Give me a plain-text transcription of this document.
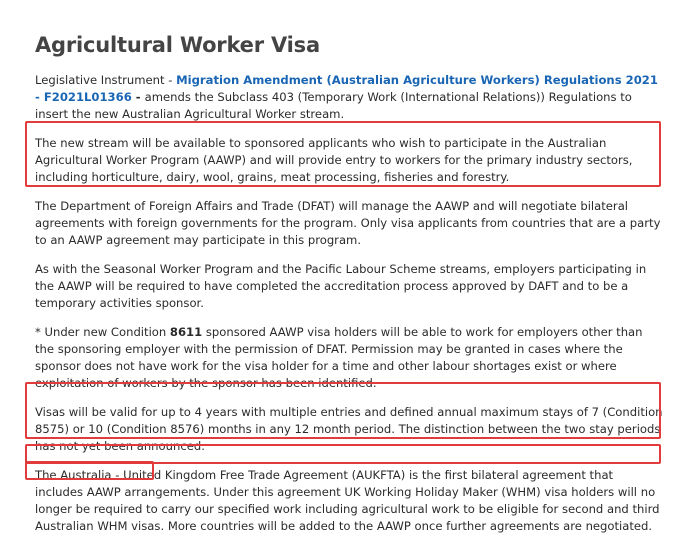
Agricultural Worker Visa

Legislative Instrument - Migration Amendment (Australian Agriculture Workers) Regulations 2021 - F2021L01366 - amends the Subclass 403 (Temporary Work (International Relations)) Regulations to insert the new Australian Agricultural Worker stream.

The new stream will be available to sponsored applicants who wish to participate in the Australian Agricultural Worker Program (AAWP) and will provide entry to workers for the primary industry sectors, including horticulture, dairy, wool, grains, meat processing, fisheries and forestry.

The Department of Foreign Affairs and Trade (DFAT) will manage the AAWP and will negotiate bilateral agreements with foreign governments for the program. Only visa applicants from countries that are a party to an AAWP agreement may participate in this program.

As with the Seasonal Worker Program and the Pacific Labour Scheme streams, employers participating in the AAWP will be required to have completed the accreditation process approved by DAFT and to be a temporary activities sponsor.

* Under new Condition 8611 sponsored AAWP visa holders will be able to work for employers other than the sponsoring employer with the permission of DFAT. Permission may be granted in cases where the sponsor does not have work for the visa holder for a time and other labour shortages exist or where exploitation of workers by the sponsor has been identified.

Visas will be valid for up to 4 years with multiple entries and defined annual maximum stays of 7 (Condition 8575) or 10 (Condition 8576) months in any 12 month period. The distinction between the two stay periods has not yet been announced.

The Australia - United Kingdom Free Trade Agreement (AUKFTA) is the first bilateral agreement that includes AAWP arrangements. Under this agreement UK Working Holiday Maker (WHM) visa holders will no longer be required to carry our specified work including agricultural work to be eligible for second and third Australian WHM visas. More countries will be added to the AAWP once further agreements are negotiated.
